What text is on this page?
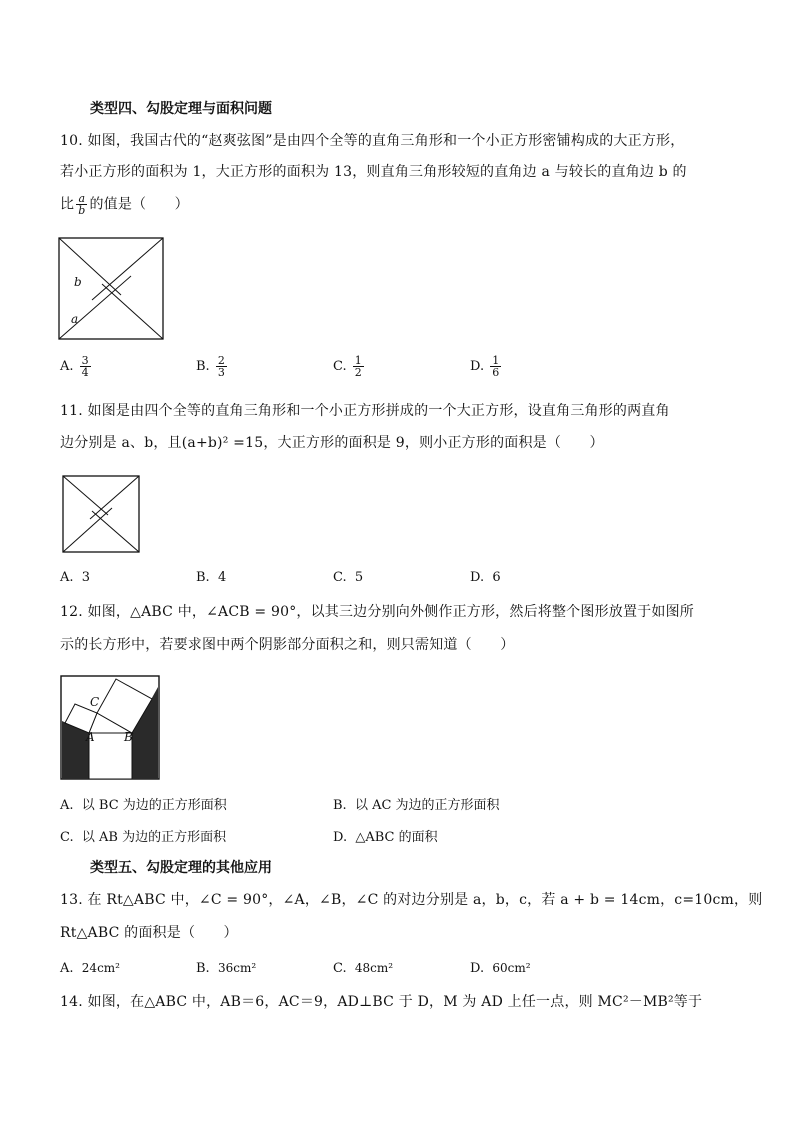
类型四、勾股定理与面积问题
10. 如图，我国古代的“赵爽弦图”是由四个全等的直角三角形和一个小正方形密铺构成的大正方形，
若小正方形的面积为 1，大正方形的面积为 13，则直角三角形较短的直角边 a 与较长的直角边 b 的
比 $\frac{a}{b}$ 的值是（　　）
b
a
A. $\frac{3}{4}$	B. $\frac{2}{3}$	C. $\frac{1}{2}$	D. $\frac{1}{6}$
11. 如图是由四个全等的直角三角形和一个小正方形拼成的一个大正方形，设直角三角形的两直角
边分别是 a、b，且(a+b)² =15，大正方形的面积是 9，则小正方形的面积是（　　）
A. 3	B. 4	C. 5	D. 6
12. 如图，△ABC 中，∠ACB = 90°，以其三边分别向外侧作正方形，然后将整个图形放置于如图所
示的长方形中，若要求图中两个阴影部分面积之和，则只需知道（　　）
C
A B
A. 以 BC 为边的正方形面积	B. 以 AC 为边的正方形面积
C. 以 AB 为边的正方形面积	D. △ABC 的面积
类型五、勾股定理的其他应用
13. 在 Rt△ABC 中，∠C = 90°，∠A，∠B，∠C 的对边分别是 a，b，c，若 a + b = 14cm，c=10cm，则
Rt△ABC 的面积是（　　）
A. 24cm²	B. 36cm²	C. 48cm²	D. 60cm²
14. 如图，在△ABC 中，AB＝6，AC＝9，AD⊥BC 于 D，M 为 AD 上任一点，则 MC²－MB²等于
